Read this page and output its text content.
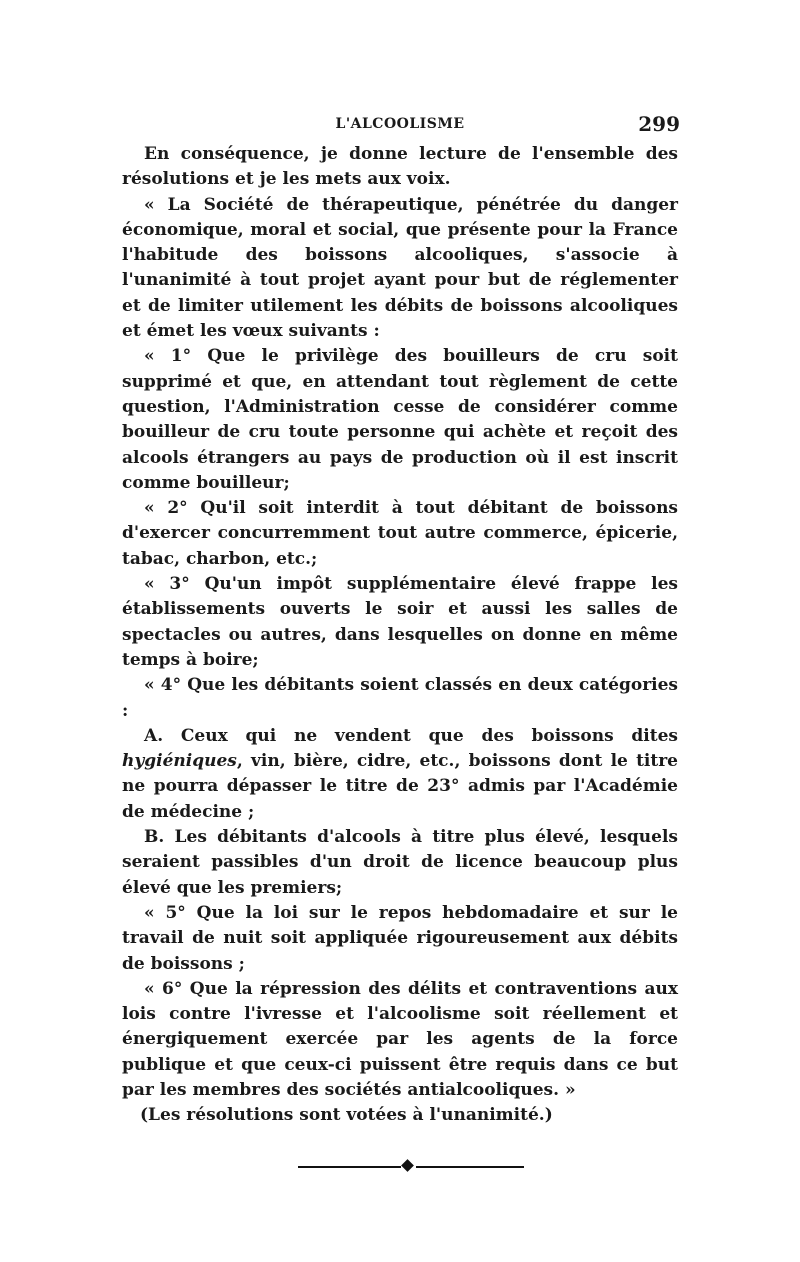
L'ALCOOLISME	299

En conséquence, je donne lecture de l'ensemble des résolutions et je les mets aux voix.

« La Société de thérapeutique, pénétrée du danger économique, moral et social, que présente pour la France l'habitude des boissons alcooliques, s'associe à l'unanimité à tout projet ayant pour but de réglementer et de limiter utilement les débits de boissons alcooliques et émet les vœux suivants :

« 1° Que le privilège des bouilleurs de cru soit supprimé et que, en attendant tout règlement de cette question, l'Administration cesse de considérer comme bouilleur de cru toute personne qui achète et reçoit des alcools étrangers au pays de production où il est inscrit comme bouilleur;

« 2° Qu'il soit interdit à tout débitant de boissons d'exercer concurremment tout autre commerce, épicerie, tabac, charbon, etc.;

« 3° Qu'un impôt supplémentaire élevé frappe les établissements ouverts le soir et aussi les salles de spectacles ou autres, dans lesquelles on donne en même temps à boire;

« 4° Que les débitants soient classés en deux catégories :

A. Ceux qui ne vendent que des boissons dites hygiéniques, vin, bière, cidre, etc., boissons dont le titre ne pourra dépasser le titre de 23° admis par l'Académie de médecine ;

B. Les débitants d'alcools à titre plus élevé, lesquels seraient passibles d'un droit de licence beaucoup plus élevé que les premiers;

« 5° Que la loi sur le repos hebdomadaire et sur le travail de nuit soit appliquée rigoureusement aux débits de boissons ;

« 6° Que la répression des délits et contraventions aux lois contre l'ivresse et l'alcoolisme soit réellement et énergiquement exercée par les agents de la force publique et que ceux-ci puissent être requis dans ce but par les membres des sociétés antialcooliques. »

(Les résolutions sont votées à l'unanimité.)
